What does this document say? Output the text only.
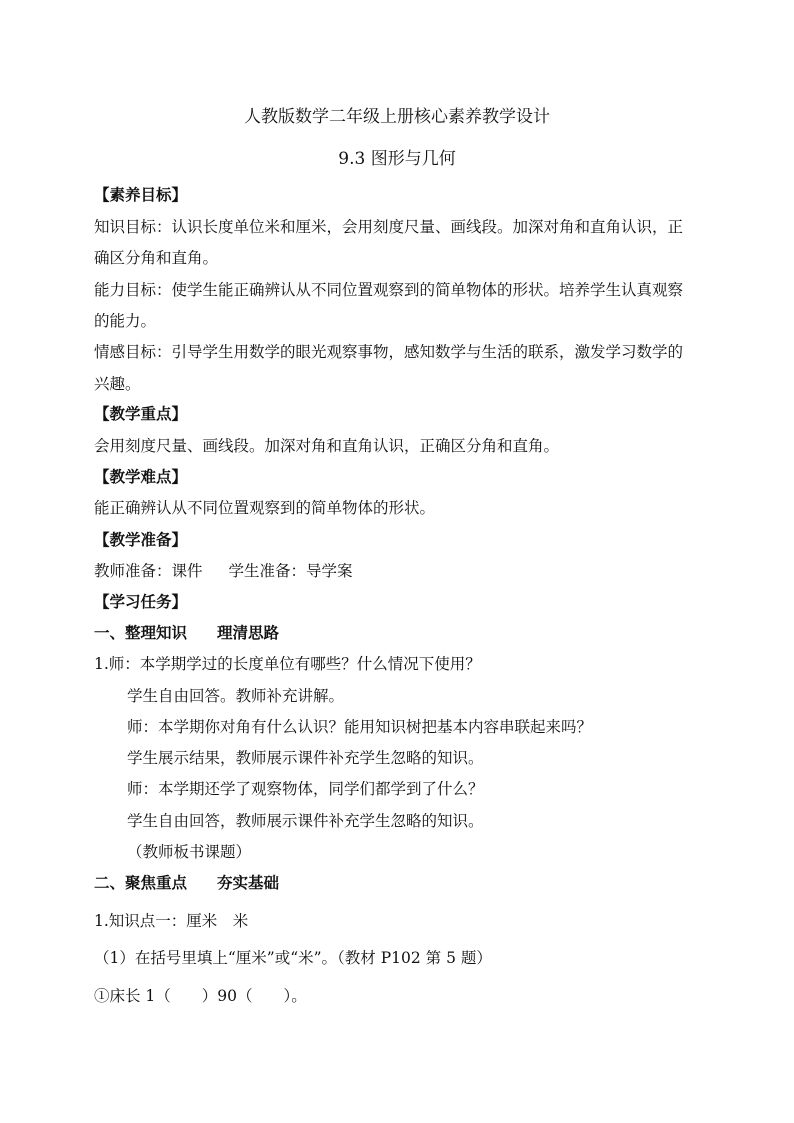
人教版数学二年级上册核心素养教学设计
9.3 图形与几何
【素养目标】
知识目标：认识长度单位米和厘米，会用刻度尺量、画线段。加深对角和直角认识，正
确区分角和直角。
能力目标：使学生能正确辨认从不同位置观察到的简单物体的形状。培养学生认真观察
的能力。
情感目标：引导学生用数学的眼光观察事物，感知数学与生活的联系，激发学习数学的
兴趣。
【教学重点】
会用刻度尺量、画线段。加深对角和直角认识，正确区分角和直角。
【教学难点】
能正确辨认从不同位置观察到的简单物体的形状。
【教学准备】
教师准备：课件 学生准备：导学案
【学习任务】
一、整理知识 理清思路
1.师：本学期学过的长度单位有哪些？什么情况下使用？
学生自由回答。教师补充讲解。
师：本学期你对角有什么认识？能用知识树把基本内容串联起来吗？
学生展示结果，教师展示课件补充学生忽略的知识。
师：本学期还学了观察物体，同学们都学到了什么？
学生自由回答，教师展示课件补充学生忽略的知识。
（教师板书课题）
二、聚焦重点 夯实基础
1.知识点一：厘米　米
（1）在括号里填上“厘米”或“米”。（教材 P102 第 5 题）
①床长 1（　　）90（　　）。
